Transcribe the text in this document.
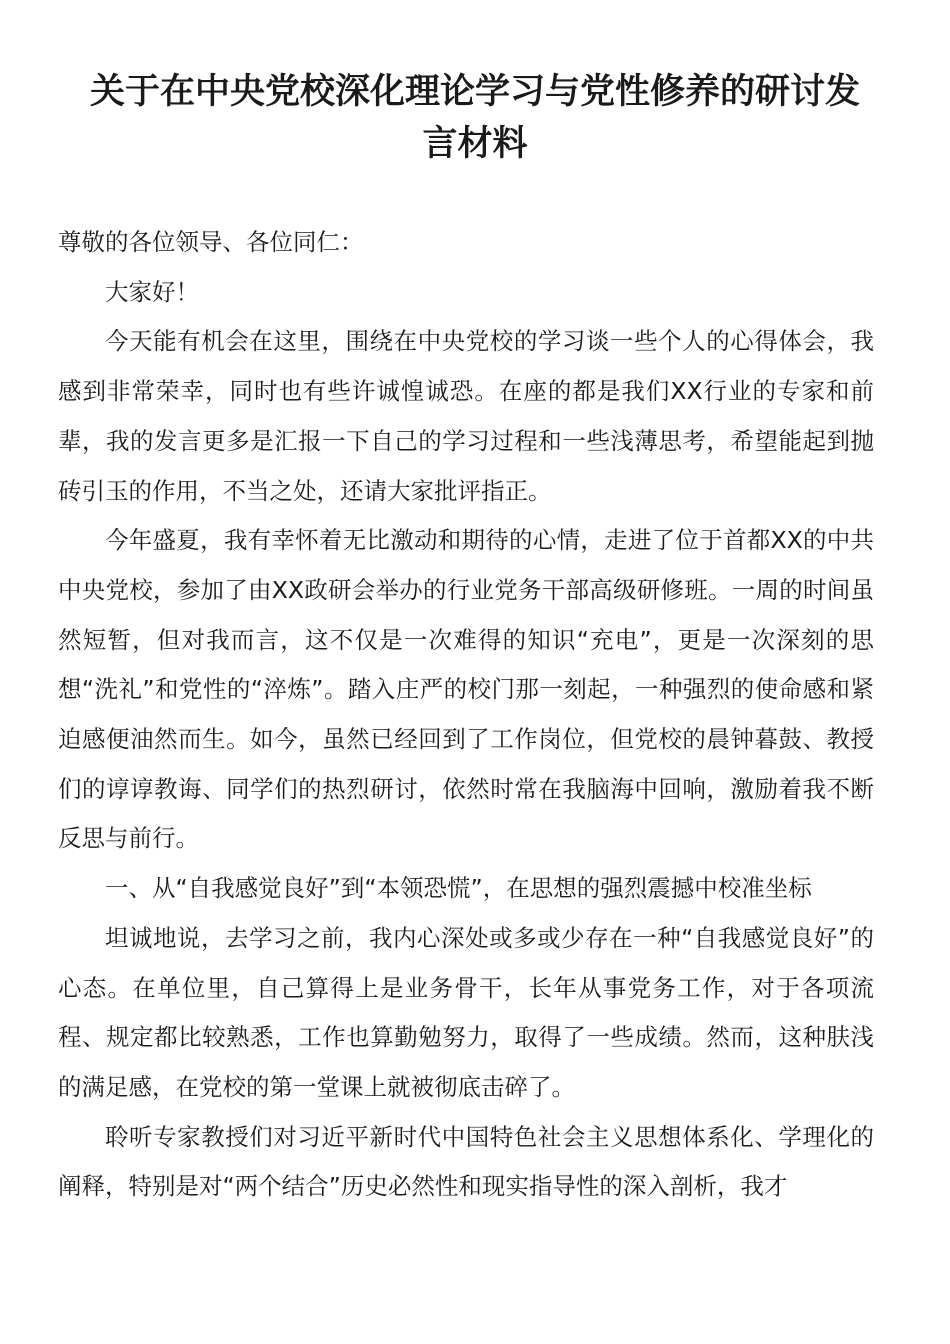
关于在中央党校深化理论学习与党性修养的研讨发言材料

尊敬的各位领导、各位同仁：

大家好！

今天能有机会在这里，围绕在中央党校的学习谈一些个人的心得体会，我感到非常荣幸，同时也有些许诚惶诚恐。在座的都是我们XX行业的专家和前辈，我的发言更多是汇报一下自己的学习过程和一些浅薄思考，希望能起到抛砖引玉的作用，不当之处，还请大家批评指正。

今年盛夏，我有幸怀着无比激动和期待的心情，走进了位于首都XX的中共中央党校，参加了由XX政研会举办的行业党务干部高级研修班。一周的时间虽然短暂，但对我而言，这不仅是一次难得的知识“充电”，更是一次深刻的思想“洗礼”和党性的“淬炼”。踏入庄严的校门那一刻起，一种强烈的使命感和紧迫感便油然而生。如今，虽然已经回到了工作岗位，但党校的晨钟暮鼓、教授们的谆谆教诲、同学们的热烈研讨，依然时常在我脑海中回响，激励着我不断反思与前行。

一、从“自我感觉良好”到“本领恐慌”，在思想的强烈震撼中校准坐标

坦诚地说，去学习之前，我内心深处或多或少存在一种“自我感觉良好”的心态。在单位里，自己算得上是业务骨干，长年从事党务工作，对于各项流程、规定都比较熟悉，工作也算勤勉努力，取得了一些成绩。然而，这种肤浅的满足感，在党校的第一堂课上就被彻底击碎了。

聆听专家教授们对习近平新时代中国特色社会主义思想体系化、学理化的阐释，特别是对“两个结合”历史必然性和现实指导性的深入剖析，我才
